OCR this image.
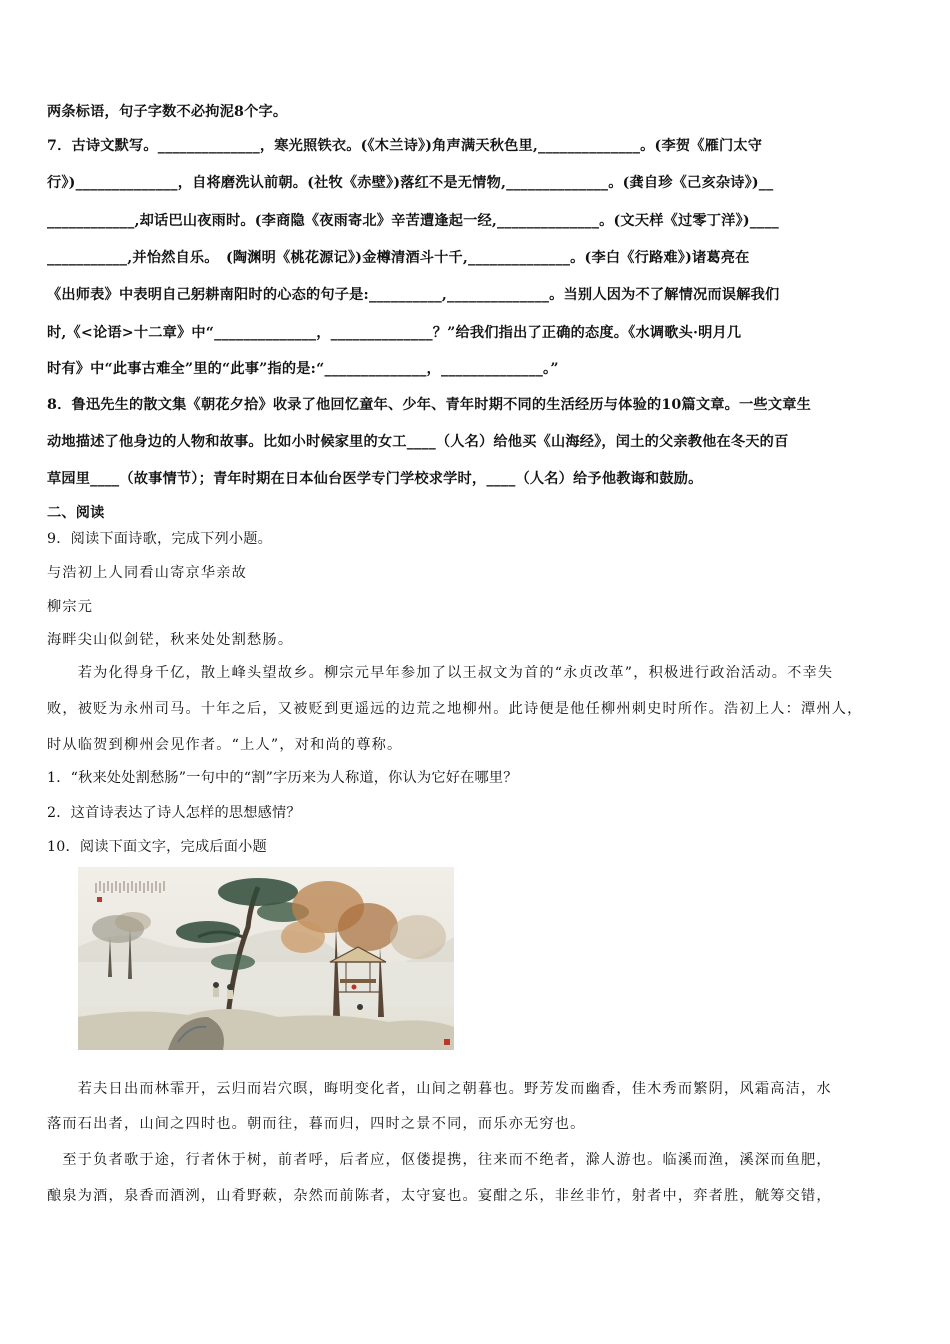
两条标语，句子字数不必拘泥8个字。
7．古诗文默写。______________，寒光照铁衣。(《木兰诗》)角声满天秋色里,______________。(李贺《雁门太守
行》)______________，自将磨洗认前朝。(社牧《赤壁》)落红不是无情物,______________。(龚自珍《己亥杂诗》)__
____________,却话巴山夜雨时。(李商隐《夜雨寄北》辛苦遭逢起一经,______________。(文天样《过零丁洋》)____
___________,并怡然自乐。　(陶渊明《桃花源记》)金樽清酒斗十千,______________。(李白《行路难》)诸葛亮在
《出师表》中表明自己躬耕南阳时的心态的句子是:__________,______________。当别人因为不了解情况而误解我们
时,《<论语>十二章》中“______________，______________？”给我们指出了正确的态度。《水调歌头·明月几
时有》中“此事古难全”里的“此事”指的是:“______________，______________。”
8．鲁迅先生的散文集《朝花夕拾》收录了他回忆童年、少年、青年时期不同的生活经历与体验的10篇文章。一些文章生
动地描述了他身边的人物和故事。比如小时候家里的女工____（人名）给他买《山海经》，闰土的父亲教他在冬天的百
草园里____（故事情节）；青年时期在日本仙台医学专门学校求学时，____（人名）给予他教诲和鼓励。
二、阅读
9．阅读下面诗歌，完成下列小题。
与浩初上人同看山寄京华亲故
柳宗元
海畔尖山似剑铓，秋来处处割愁肠。
　　若为化得身千亿，散上峰头望故乡。柳宗元早年参加了以王叔文为首的“永贞改革”，积极进行政治活动。不幸失
败，被贬为永州司马。十年之后，又被贬到更遥远的边荒之地柳州。此诗便是他任柳州刺史时所作。浩初上人：潭州人，
时从临贺到柳州会见作者。“上人”，对和尚的尊称。
1．“秋来处处割愁肠”一句中的“割”字历来为人称道，你认为它好在哪里？
2．这首诗表达了诗人怎样的思想感情？
10．阅读下面文字，完成后面小题
　　若夫日出而林霏开，云归而岩穴暝，晦明变化者，山间之朝暮也。野芳发而幽香，佳木秀而繁阴，风霜高洁，水
落而石出者，山间之四时也。朝而往，暮而归，四时之景不同，而乐亦无穷也。
　至于负者歌于途，行者休于树，前者呼，后者应，伛偻提携，往来而不绝者，滁人游也。临溪而渔，溪深而鱼肥，
酿泉为酒，泉香而酒洌，山肴野蔌，杂然而前陈者，太守宴也。宴酣之乐，非丝非竹，射者中，弈者胜，觥筹交错，
